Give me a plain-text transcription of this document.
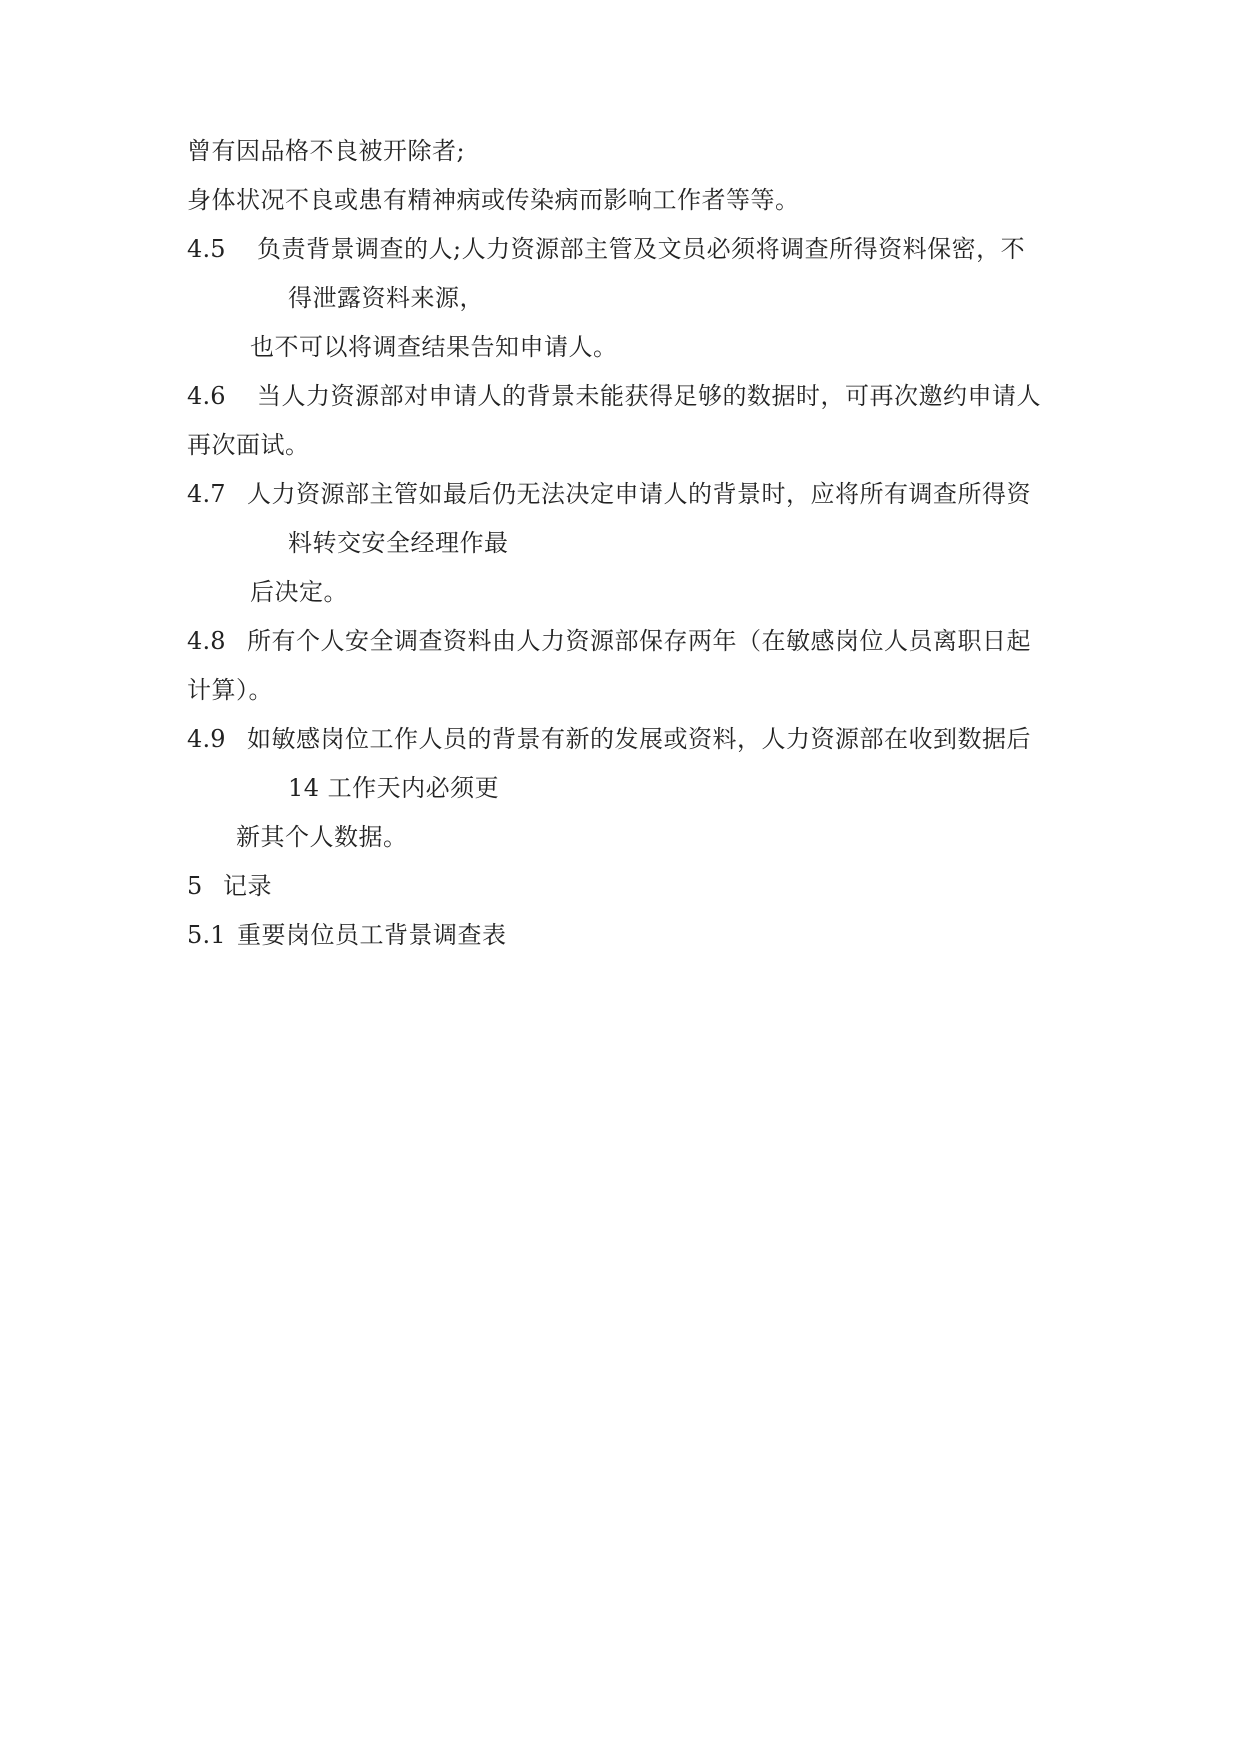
曾有因品格不良被开除者;
身体状况不良或患有精神病或传染病而影响工作者等等。
4.5 负责背景调查的人;人力资源部主管及文员必须将调查所得资料保密，不
得泄露资料来源，
也不可以将调查结果告知申请人。
4.6 当人力资源部对申请人的背景未能获得足够的数据时，可再次邀约申请人
再次面试。
4.7 人力资源部主管如最后仍无法决定申请人的背景时，应将所有调查所得资
料转交安全经理作最
后决定。
4.8 所有个人安全调查资料由人力资源部保存两年（在敏感岗位人员离职日起
计算）。
4.9 如敏感岗位工作人员的背景有新的发展或资料，人力资源部在收到数据后
14 工作天内必须更
新其个人数据。
5 记录
5.1 重要岗位员工背景调查表
